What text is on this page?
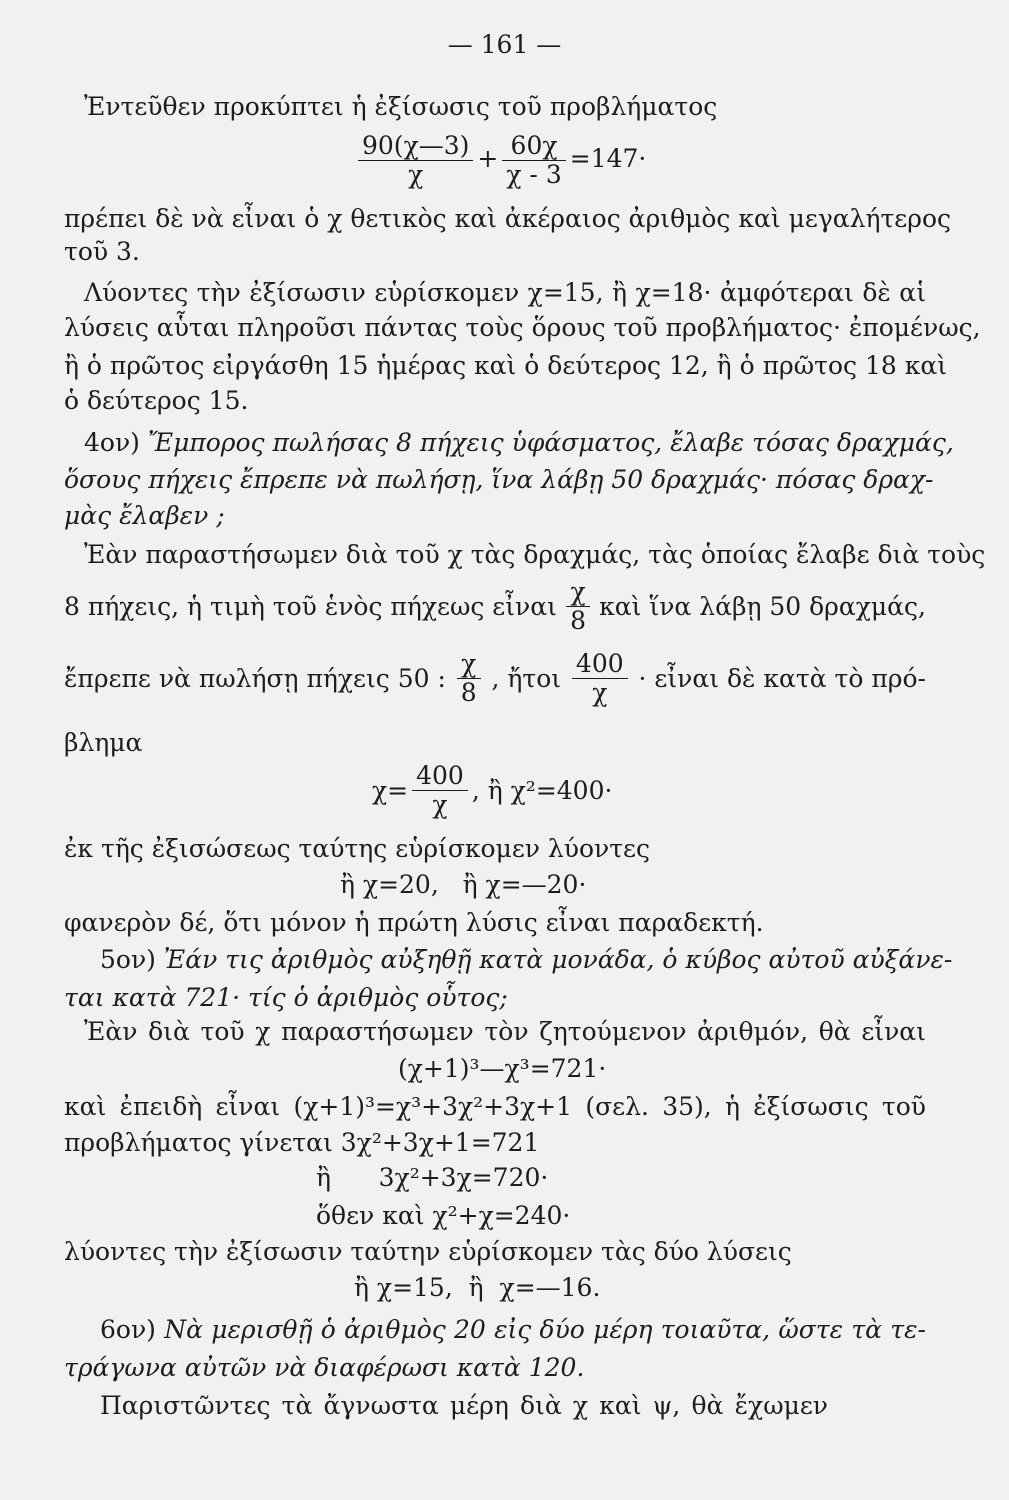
— 161 —
Ἐντεῦθεν προκύπτει ἡ ἐξίσωσις τοῦ προβλήματος
$\frac{90(\chi—3)}{\chi} + \frac{60\chi}{\chi - 3} =147\cdot$
πρέπει δὲ νὰ εἶναι ὁ χ θετικὸς καὶ ἀκέραιος ἀριθμὸς καὶ μεγαλήτερος
τοῦ 3.
Λύοντες τὴν ἐξίσωσιν εὑρίσκομεν χ=15, ἢ χ=18· ἀμφότεραι δὲ αἱ
λύσεις αὗται πληροῦσι πάντας τοὺς ὅρους τοῦ προβλήματος· ἐπομένως,
ἢ ὁ πρῶτος εἰργάσθη 15 ἡμέρας καὶ ὁ δεύτερος 12, ἢ ὁ πρῶτος 18 καὶ
ὁ δεύτερος 15.
4ον) Ἔμπορος πωλήσας 8 πήχεις ὑφάσματος, ἔλαβε τόσας δραχμάς,
ὅσους πήχεις ἔπρεπε νὰ πωλήσῃ, ἵνα λάβῃ 50 δραχμάς· πόσας δραχ-
μὰς ἔλαβεν ;
Ἐὰν παραστήσωμεν διὰ τοῦ χ τὰς δραχμάς, τὰς ὁποίας ἔλαβε διὰ τοὺς
8 πήχεις, ἡ τιμὴ τοῦ ἑνὸς πήχεως εἶναι $\frac{\chi}{8}$ καὶ ἵνα λάβῃ 50 δραχμάς,
ἔπρεπε νὰ πωλήσῃ πήχεις 50 : $\frac{\chi}{8}$ , ἤτοι $\frac{400}{\chi}$ · εἶναι δὲ κατὰ τὸ πρό-
βλημα
$\chi= \frac{400}{\chi}$ , ἢ χ²=400·
ἐκ τῆς ἐξισώσεως ταύτης εὑρίσκομεν λύοντες
ἢ χ=20,   ἢ χ=—20·
φανερὸν δέ, ὅτι μόνον ἡ πρώτη λύσις εἶναι παραδεκτή.
5ον) Ἐάν τις ἀριθμὸς αὐξηθῇ κατὰ μονάδα, ὁ κύβος αὐτοῦ αὐξάνε-
ται κατὰ 721· τίς ὁ ἀριθμὸς οὗτος;
Ἐὰν διὰ τοῦ χ παραστήσωμεν τὸν ζητούμενον ἀριθμόν, θὰ εἶναι
(χ+1)³—χ³=721·
καὶ ἐπειδὴ εἶναι (χ+1)³=χ³+3χ²+3χ+1 (σελ. 35), ἡ ἐξίσωσις τοῦ
προβλήματος γίνεται 3χ²+3χ+1=721
ἢ      3χ²+3χ=720·
ὅθεν καὶ χ²+χ=240·
λύοντες τὴν ἐξίσωσιν ταύτην εὑρίσκομεν τὰς δύο λύσεις
ἢ χ=15,  ἢ  χ=—16.
6ον) Νὰ μερισθῇ ὁ ἀριθμὸς 20 εἰς δύο μέρη τοιαῦτα, ὥστε τὰ τε-
τράγωνα αὐτῶν νὰ διαφέρωσι κατὰ 120.
Παριστῶντες τὰ ἄγνωστα μέρη διὰ χ καὶ ψ, θὰ ἔχωμεν
